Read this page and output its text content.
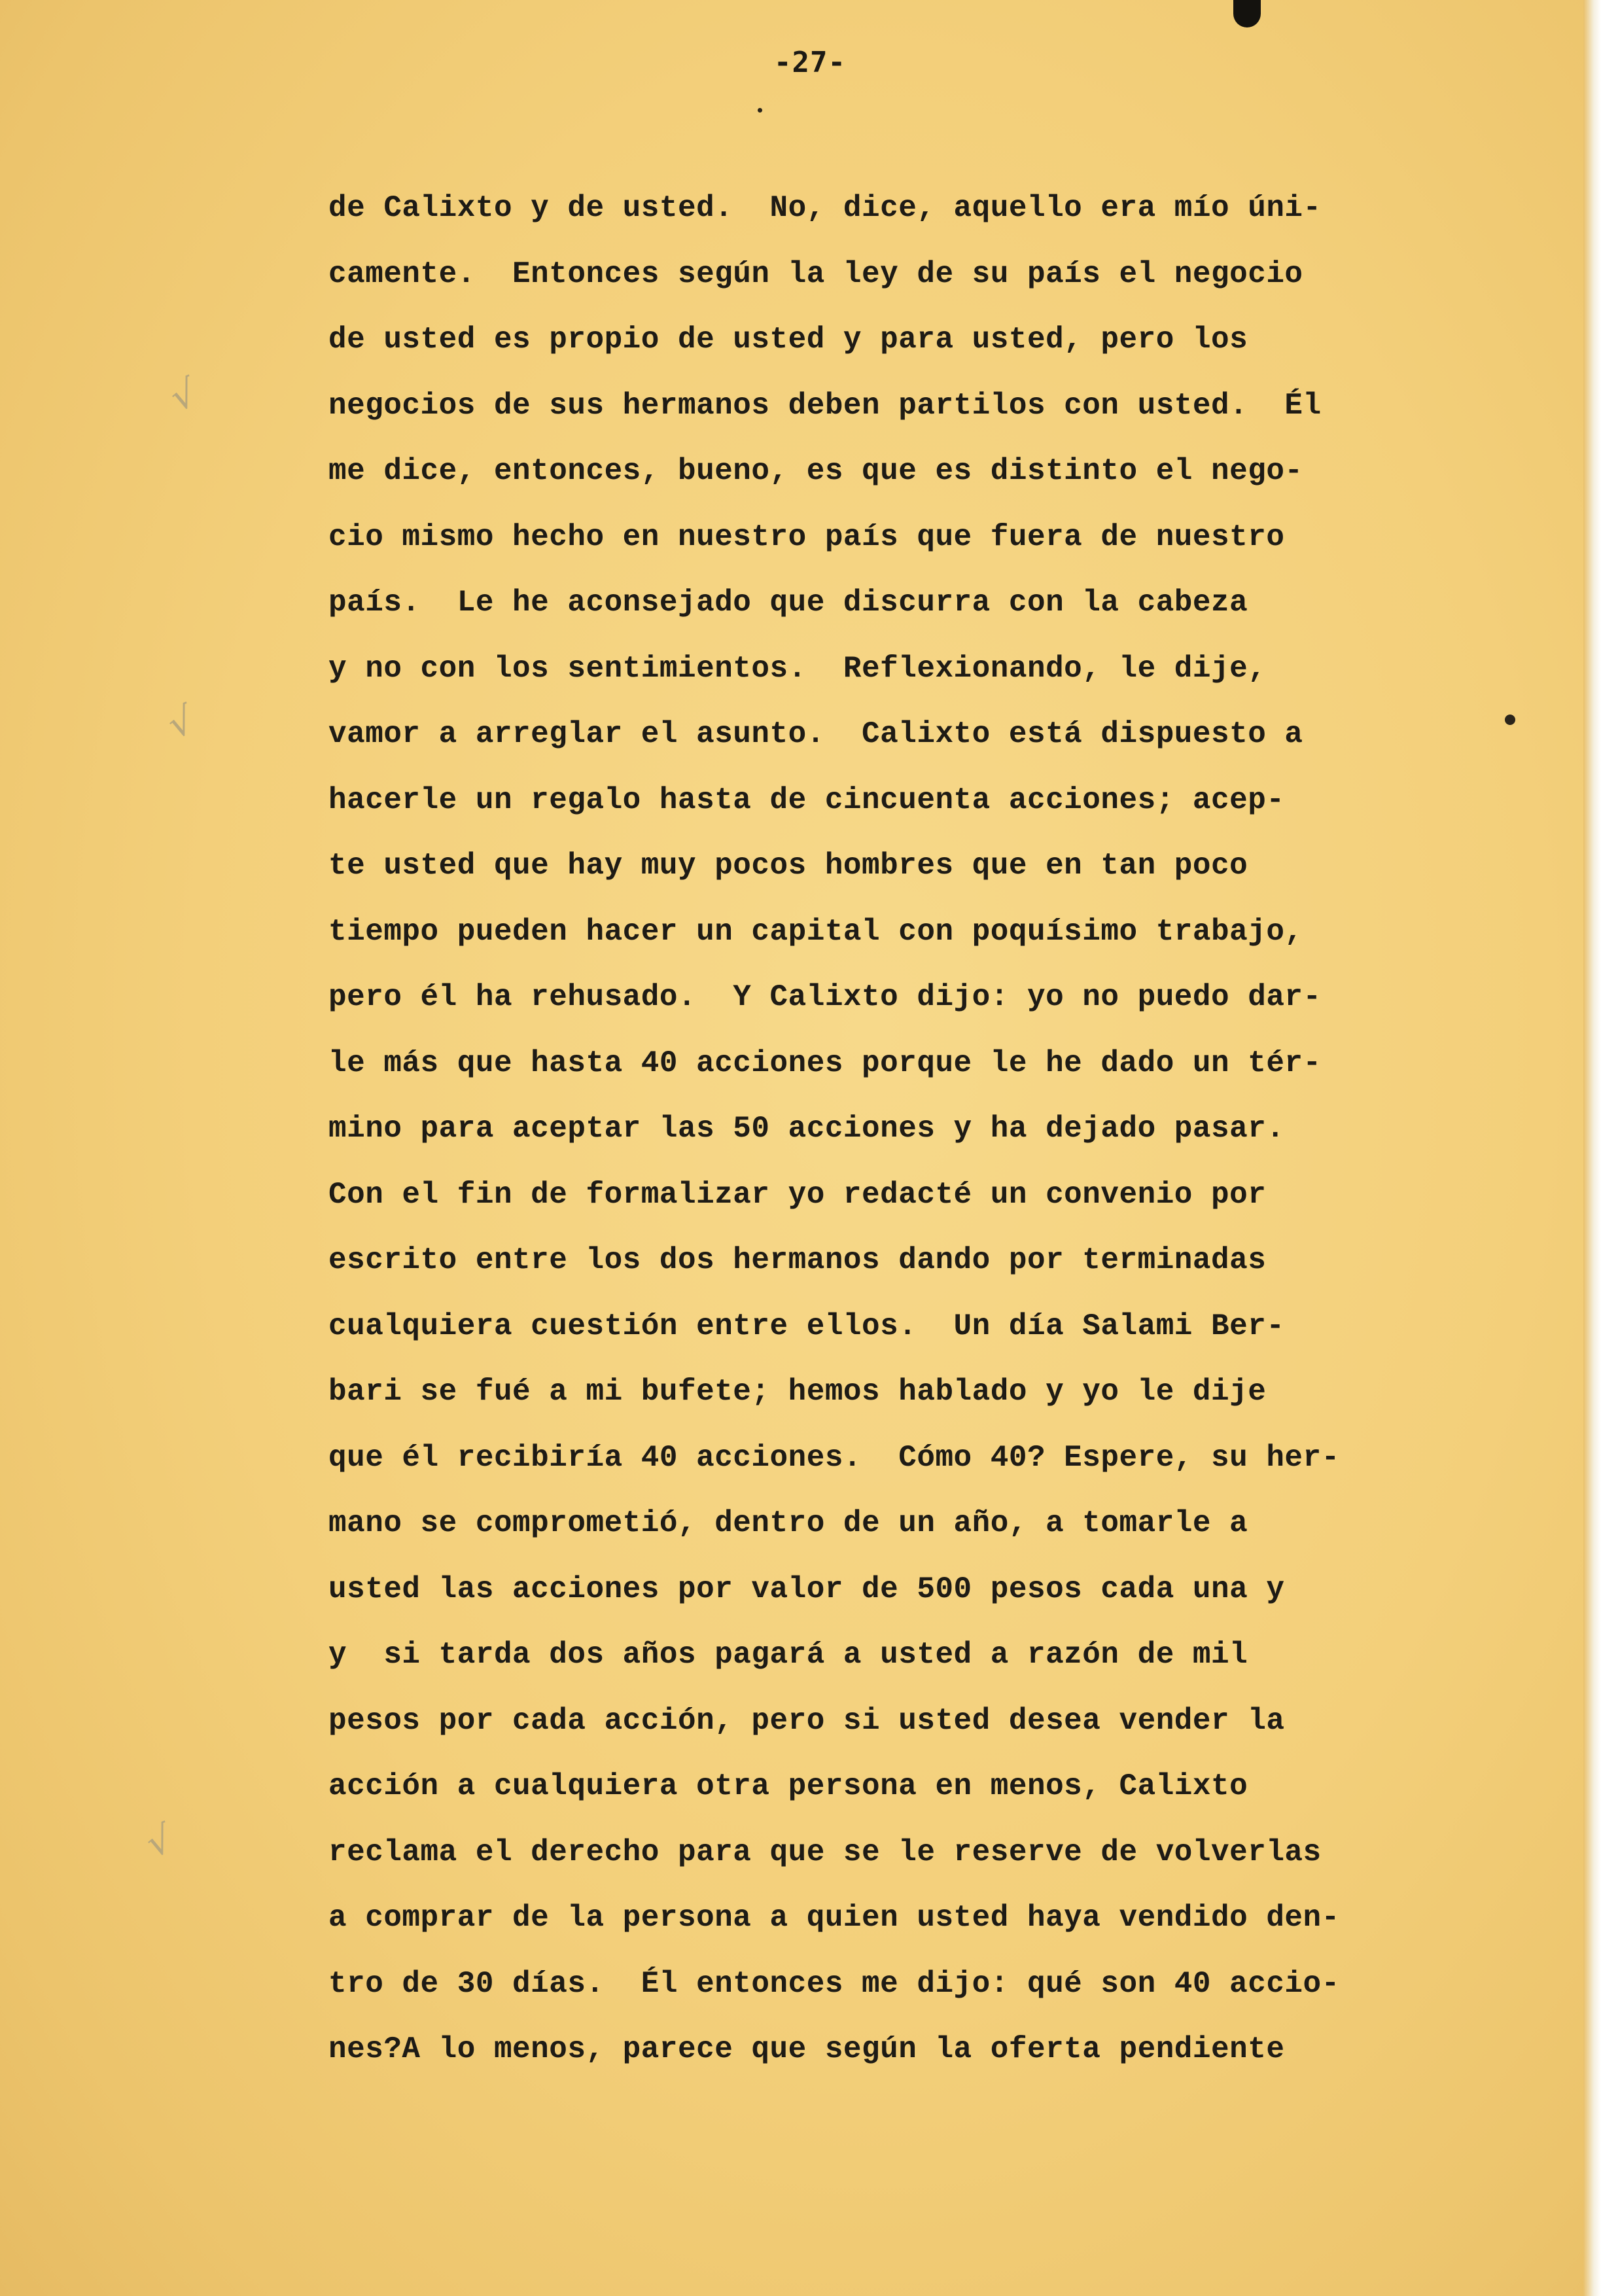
-27-
√
√
√
de Calixto y de usted.  No, dice, aquello era mío úni-
camente.  Entonces según la ley de su país el negocio
de usted es propio de usted y para usted, pero los
negocios de sus hermanos deben partilos con usted.  Él
me dice, entonces, bueno, es que es distinto el nego-
cio mismo hecho en nuestro país que fuera de nuestro
país.  Le he aconsejado que discurra con la cabeza
y no con los sentimientos.  Reflexionando, le dije,
vamor a arreglar el asunto.  Calixto está dispuesto a
hacerle un regalo hasta de cincuenta acciones; acep-
te usted que hay muy pocos hombres que en tan poco
tiempo pueden hacer un capital con poquísimo trabajo,
pero él ha rehusado.  Y Calixto dijo: yo no puedo dar-
le más que hasta 40 acciones porque le he dado un tér-
mino para aceptar las 50 acciones y ha dejado pasar.
Con el fin de formalizar yo redacté un convenio por
escrito entre los dos hermanos dando por terminadas
cualquiera cuestión entre ellos.  Un día Salami Ber-
bari se fué a mi bufete; hemos hablado y yo le dije
que él recibiría 40 acciones.  Cómo 40? Espere, su her-
mano se comprometió, dentro de un año, a tomarle a
usted las acciones por valor de 500 pesos cada una y
y  si tarda dos años pagará a usted a razón de mil
pesos por cada acción, pero si usted desea vender la
acción a cualquiera otra persona en menos, Calixto
reclama el derecho para que se le reserve de volverlas
a comprar de la persona a quien usted haya vendido den-
tro de 30 días.  Él entonces me dijo: qué son 40 accio-
nes?A lo menos, parece que según la oferta pendiente
